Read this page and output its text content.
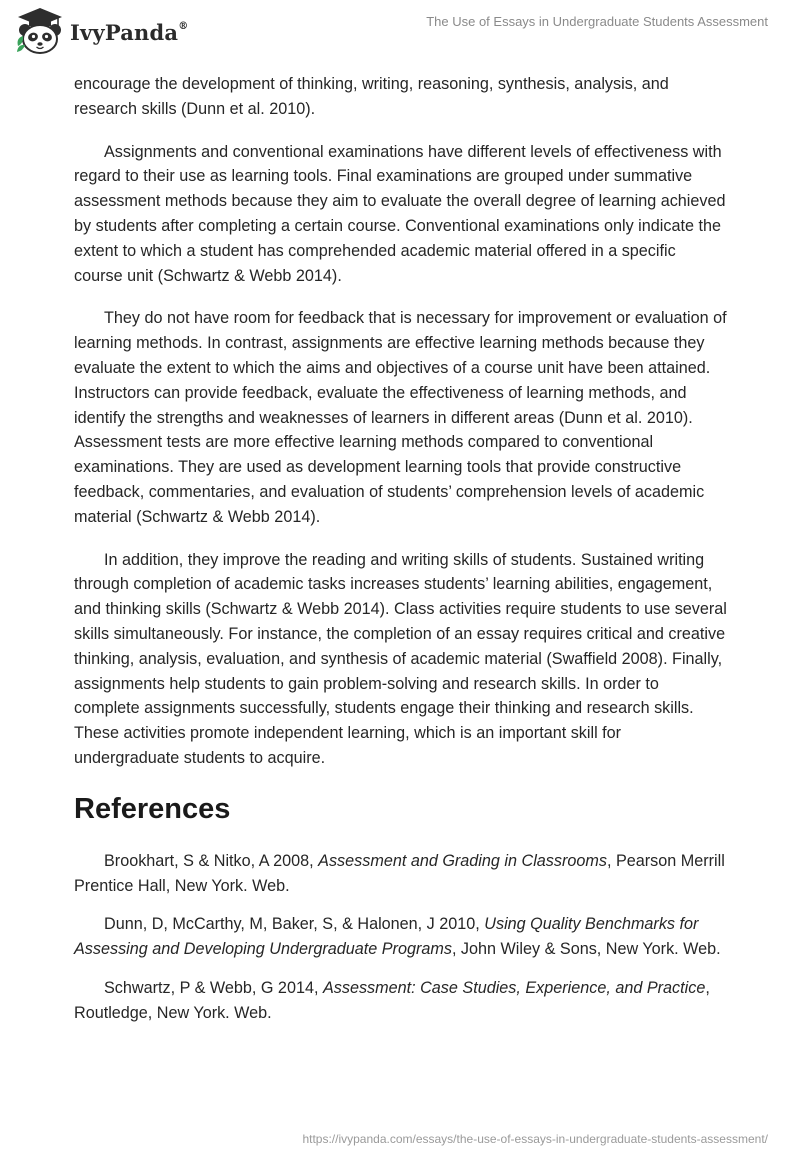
IvyPanda®	The Use of Essays in Undergraduate Students Assessment

encourage the development of thinking, writing, reasoning, synthesis, analysis, and research skills (Dunn et al. 2010).

Assignments and conventional examinations have different levels of effectiveness with regard to their use as learning tools. Final examinations are grouped under summative assessment methods because they aim to evaluate the overall degree of learning achieved by students after completing a certain course. Conventional examinations only indicate the extent to which a student has comprehended academic material offered in a specific course unit (Schwartz & Webb 2014).

They do not have room for feedback that is necessary for improvement or evaluation of learning methods. In contrast, assignments are effective learning methods because they evaluate the extent to which the aims and objectives of a course unit have been attained. Instructors can provide feedback, evaluate the effectiveness of learning methods, and identify the strengths and weaknesses of learners in different areas (Dunn et al. 2010). Assessment tests are more effective learning methods compared to conventional examinations. They are used as development learning tools that provide constructive feedback, commentaries, and evaluation of students’ comprehension levels of academic material (Schwartz & Webb 2014).

In addition, they improve the reading and writing skills of students. Sustained writing through completion of academic tasks increases students’ learning abilities, engagement, and thinking skills (Schwartz & Webb 2014). Class activities require students to use several skills simultaneously. For instance, the completion of an essay requires critical and creative thinking, analysis, evaluation, and synthesis of academic material (Swaffield 2008). Finally, assignments help students to gain problem-solving and research skills. In order to complete assignments successfully, students engage their thinking and research skills. These activities promote independent learning, which is an important skill for undergraduate students to acquire.

References

Brookhart, S & Nitko, A 2008, Assessment and Grading in Classrooms, Pearson Merrill Prentice Hall, New York. Web.

Dunn, D, McCarthy, M, Baker, S, & Halonen, J 2010, Using Quality Benchmarks for Assessing and Developing Undergraduate Programs, John Wiley & Sons, New York. Web.

Schwartz, P & Webb, G 2014, Assessment: Case Studies, Experience, and Practice, Routledge, New York. Web.

https://ivypanda.com/essays/the-use-of-essays-in-undergraduate-students-assessment/
